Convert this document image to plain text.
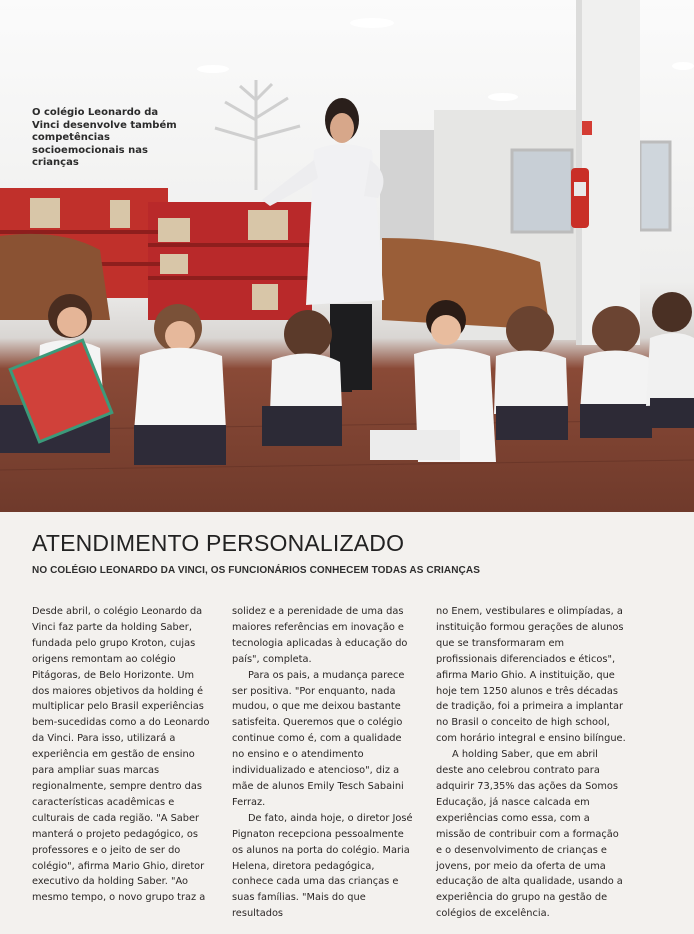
O colégio Leonardo da Vinci desenvolve também competências socioemocionais nas crianças
ATENDIMENTO PERSONALIZADO
NO COLÉGIO LEONARDO DA VINCI, OS FUNCIONÁRIOS CONHECEM TODAS AS CRIANÇAS

Desde abril, o colégio Leonardo da Vinci faz parte da holding Saber, fundada pelo grupo Kroton, cujas origens remontam ao colégio Pitágoras, de Belo Horizonte. Um dos maiores objetivos da holding é multiplicar pelo Brasil experiências bem-sucedidas como a do Leonardo da Vinci. Para isso, utilizará a experiência em gestão de ensino para ampliar suas marcas regionalmente, sempre dentro das características acadêmicas e culturais de cada região. "A Saber manterá o projeto pedagógico, os professores e o jeito de ser do colégio", afirma Mario Ghio, diretor executivo da holding Saber. "Ao mesmo tempo, o novo grupo traz a

solidez e a perenidade de uma das maiores referências em inovação e tecnologia aplicadas à educação do país", completa.

Para os pais, a mudança parece ser positiva. "Por enquanto, nada mudou, o que me deixou bastante satisfeita. Queremos que o colégio continue como é, com a qualidade no ensino e o atendimento individualizado e atencioso", diz a mãe de alunos Emily Tesch Sabaini Ferraz.

De fato, ainda hoje, o diretor José Pignaton recepciona pessoalmente os alunos na porta do colégio. Maria Helena, diretora pedagógica, conhece cada uma das crianças e suas famílias. "Mais do que resultados

no Enem, vestibulares e olimpíadas, a instituição formou gerações de alunos que se transformaram em profissionais diferenciados e éticos", afirma Mario Ghio. A instituição, que hoje tem 1250 alunos e três décadas de tradição, foi a primeira a implantar no Brasil o conceito de high school, com horário integral e ensino bilíngue.

A holding Saber, que em abril deste ano celebrou contrato para adquirir 73,35% das ações da Somos Educação, já nasce calcada em experiências como essa, com a missão de contribuir com a formação e o desenvolvimento de crianças e jovens, por meio da oferta de uma educação de alta qualidade, usando a experiência do grupo na gestão de colégios de excelência.
